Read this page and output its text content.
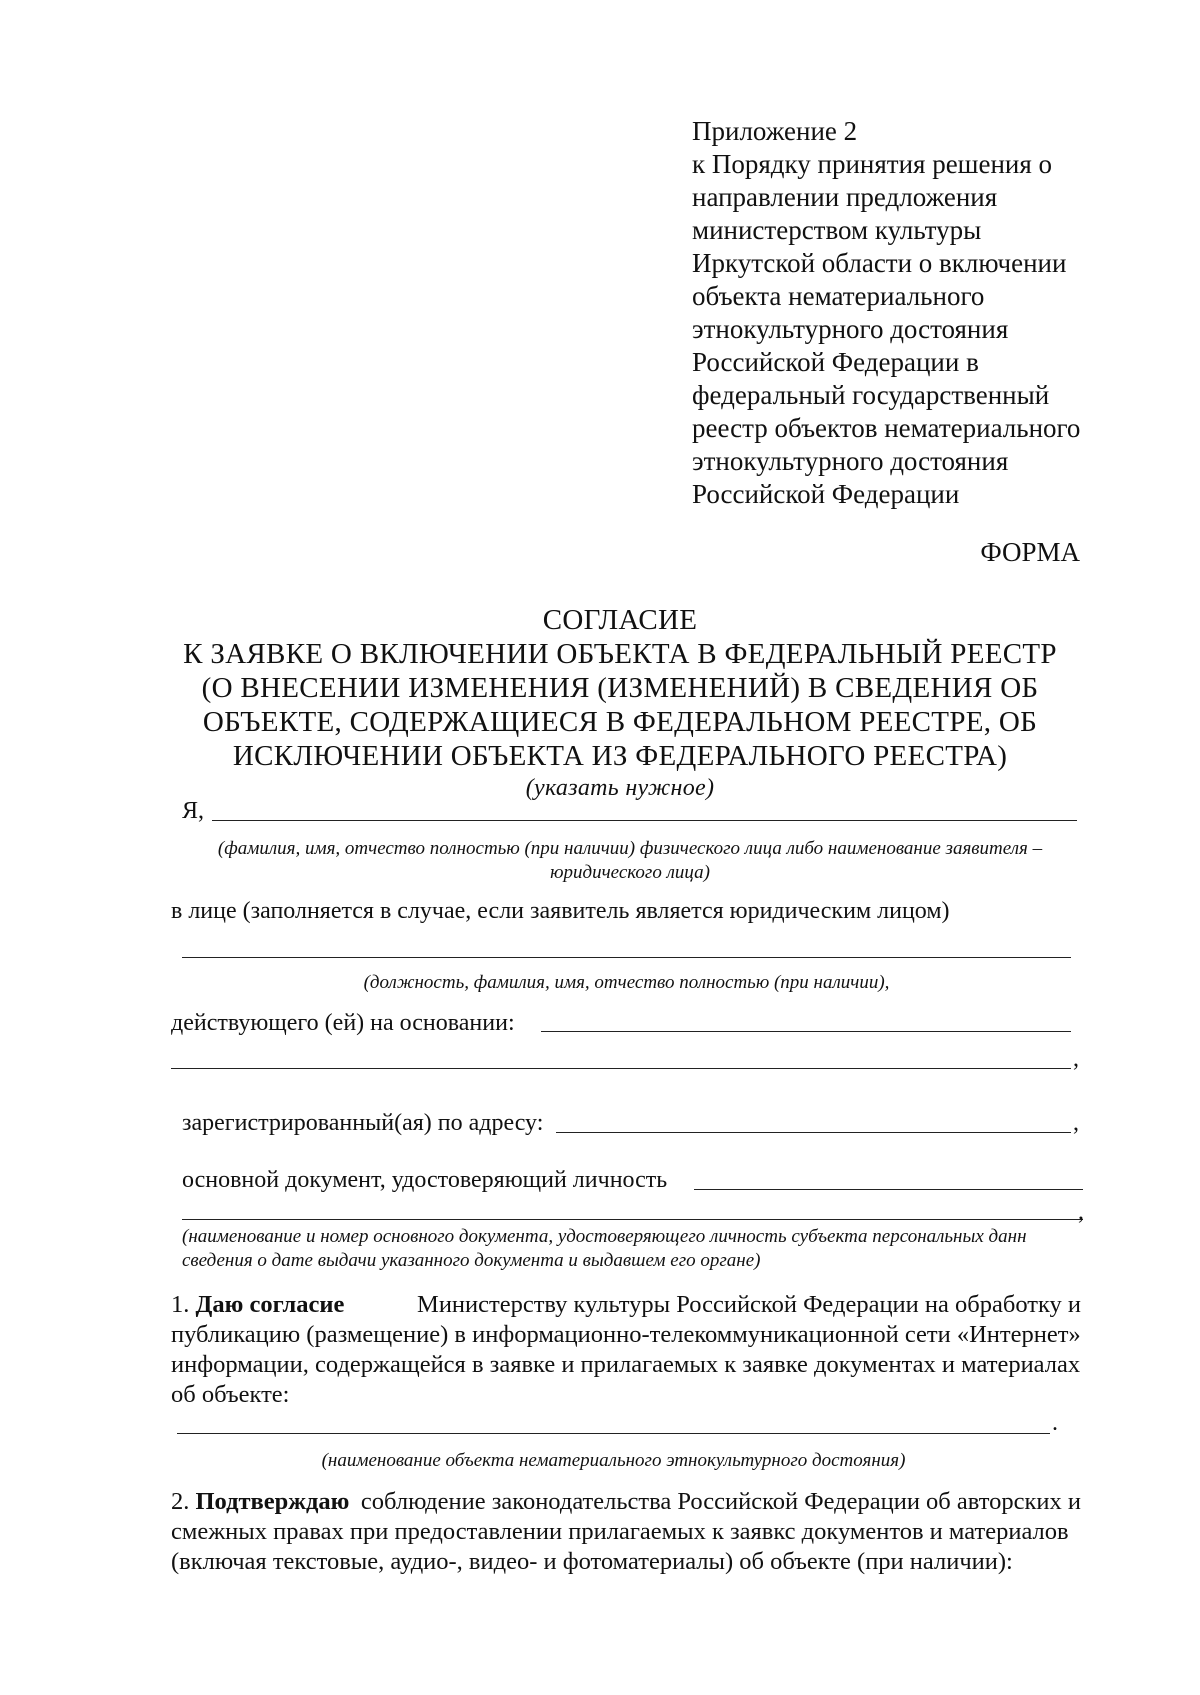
Приложение 2
к Порядку принятия решения о
направлении предложения
министерством культуры
Иркутской области о включении
объекта нематериального
этнокультурного достояния
Российской Федерации в
федеральный государственный
реестр объектов нематериального
этнокультурного достояния
Российской Федерации
ФОРМА
СОГЛАСИЕ
К ЗАЯВКЕ О ВКЛЮЧЕНИИ ОБЪЕКТА В ФЕДЕРАЛЬНЫЙ РЕЕСТР
(О ВНЕСЕНИИ ИЗМЕНЕНИЯ (ИЗМЕНЕНИЙ) В СВЕДЕНИЯ ОБ
ОБЪЕКТЕ, СОДЕРЖАЩИЕСЯ В ФЕДЕРАЛЬНОМ РЕЕСТРЕ, ОБ
ИСКЛЮЧЕНИИ ОБЪЕКТА ИЗ ФЕДЕРАЛЬНОГО РЕЕСТРА)
(указать нужное)
Я,
(фамилия, имя, отчество полностью (при наличии) физического лица либо наименование заявителя –
юридического лица)
в лице (заполняется в случае, если заявитель является юридическим лицом)
(должность, фамилия, имя, отчество полностью (при наличии),
действующего (ей) на основании:
,
зарегистрированный(ая) по адресу:	,
основной документ, удостоверяющий личность
,
(наименование и номер основного документа, удостоверяющего личность субъекта персональных данн
сведения о дате выдачи указанного документа и выдавшем его органе)
1. Даю согласие	Министерству культуры Российской Федерации на обработку и
публикацию (размещение) в информационно-телекоммуникационной сети «Интернет»
информации, содержащейся в заявке и прилагаемых к заявке документах и материалах
об объекте:
.
(наименование объекта нематериального этнокультурного достояния)
2. Подтверждаю соблюдение законодательства Российской Федерации об авторских и
смежных правах при предоставлении прилагаемых к заявкс документов и материалов
(включая текстовые, аудио-, видео- и фотоматериалы) об объекте (при наличии):
